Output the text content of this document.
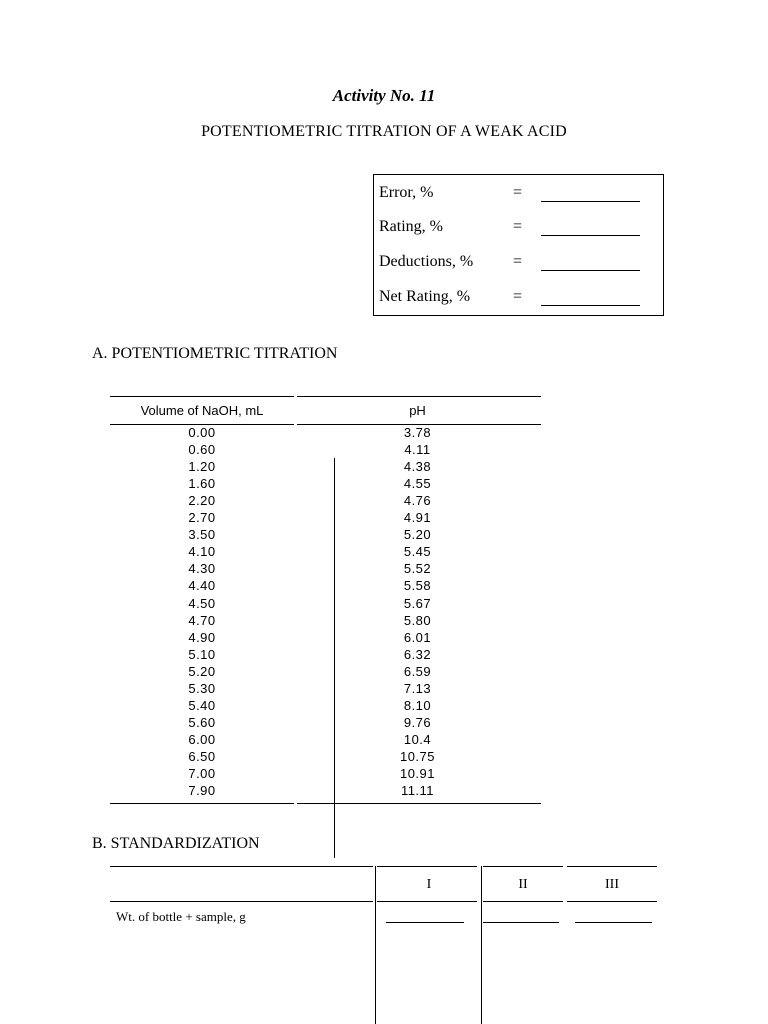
Activity No. 11
POTENTIOMETRIC TITRATION OF A WEAK ACID
Error, %	=
Rating, %	=
Deductions, % =
Net Rating, %	=
A. POTENTIOMETRIC TITRATION
Volume of NaOH, mL	pH
0.00	3.78
0.60	4.11
1.20	4.38
1.60	4.55
2.20	4.76
2.70	4.91
3.50	5.20
4.10	5.45
4.30	5.52
4.40	5.58
4.50	5.67
4.70	5.80
4.90	6.01
5.10	6.32
5.20	6.59
5.30	7.13
5.40	8.10
5.60	9.76
6.00	10.4
6.50	10.75
7.00	10.91
7.90	11.11
B. STANDARDIZATION
I	II	III
Wt. of bottle + sample, g
